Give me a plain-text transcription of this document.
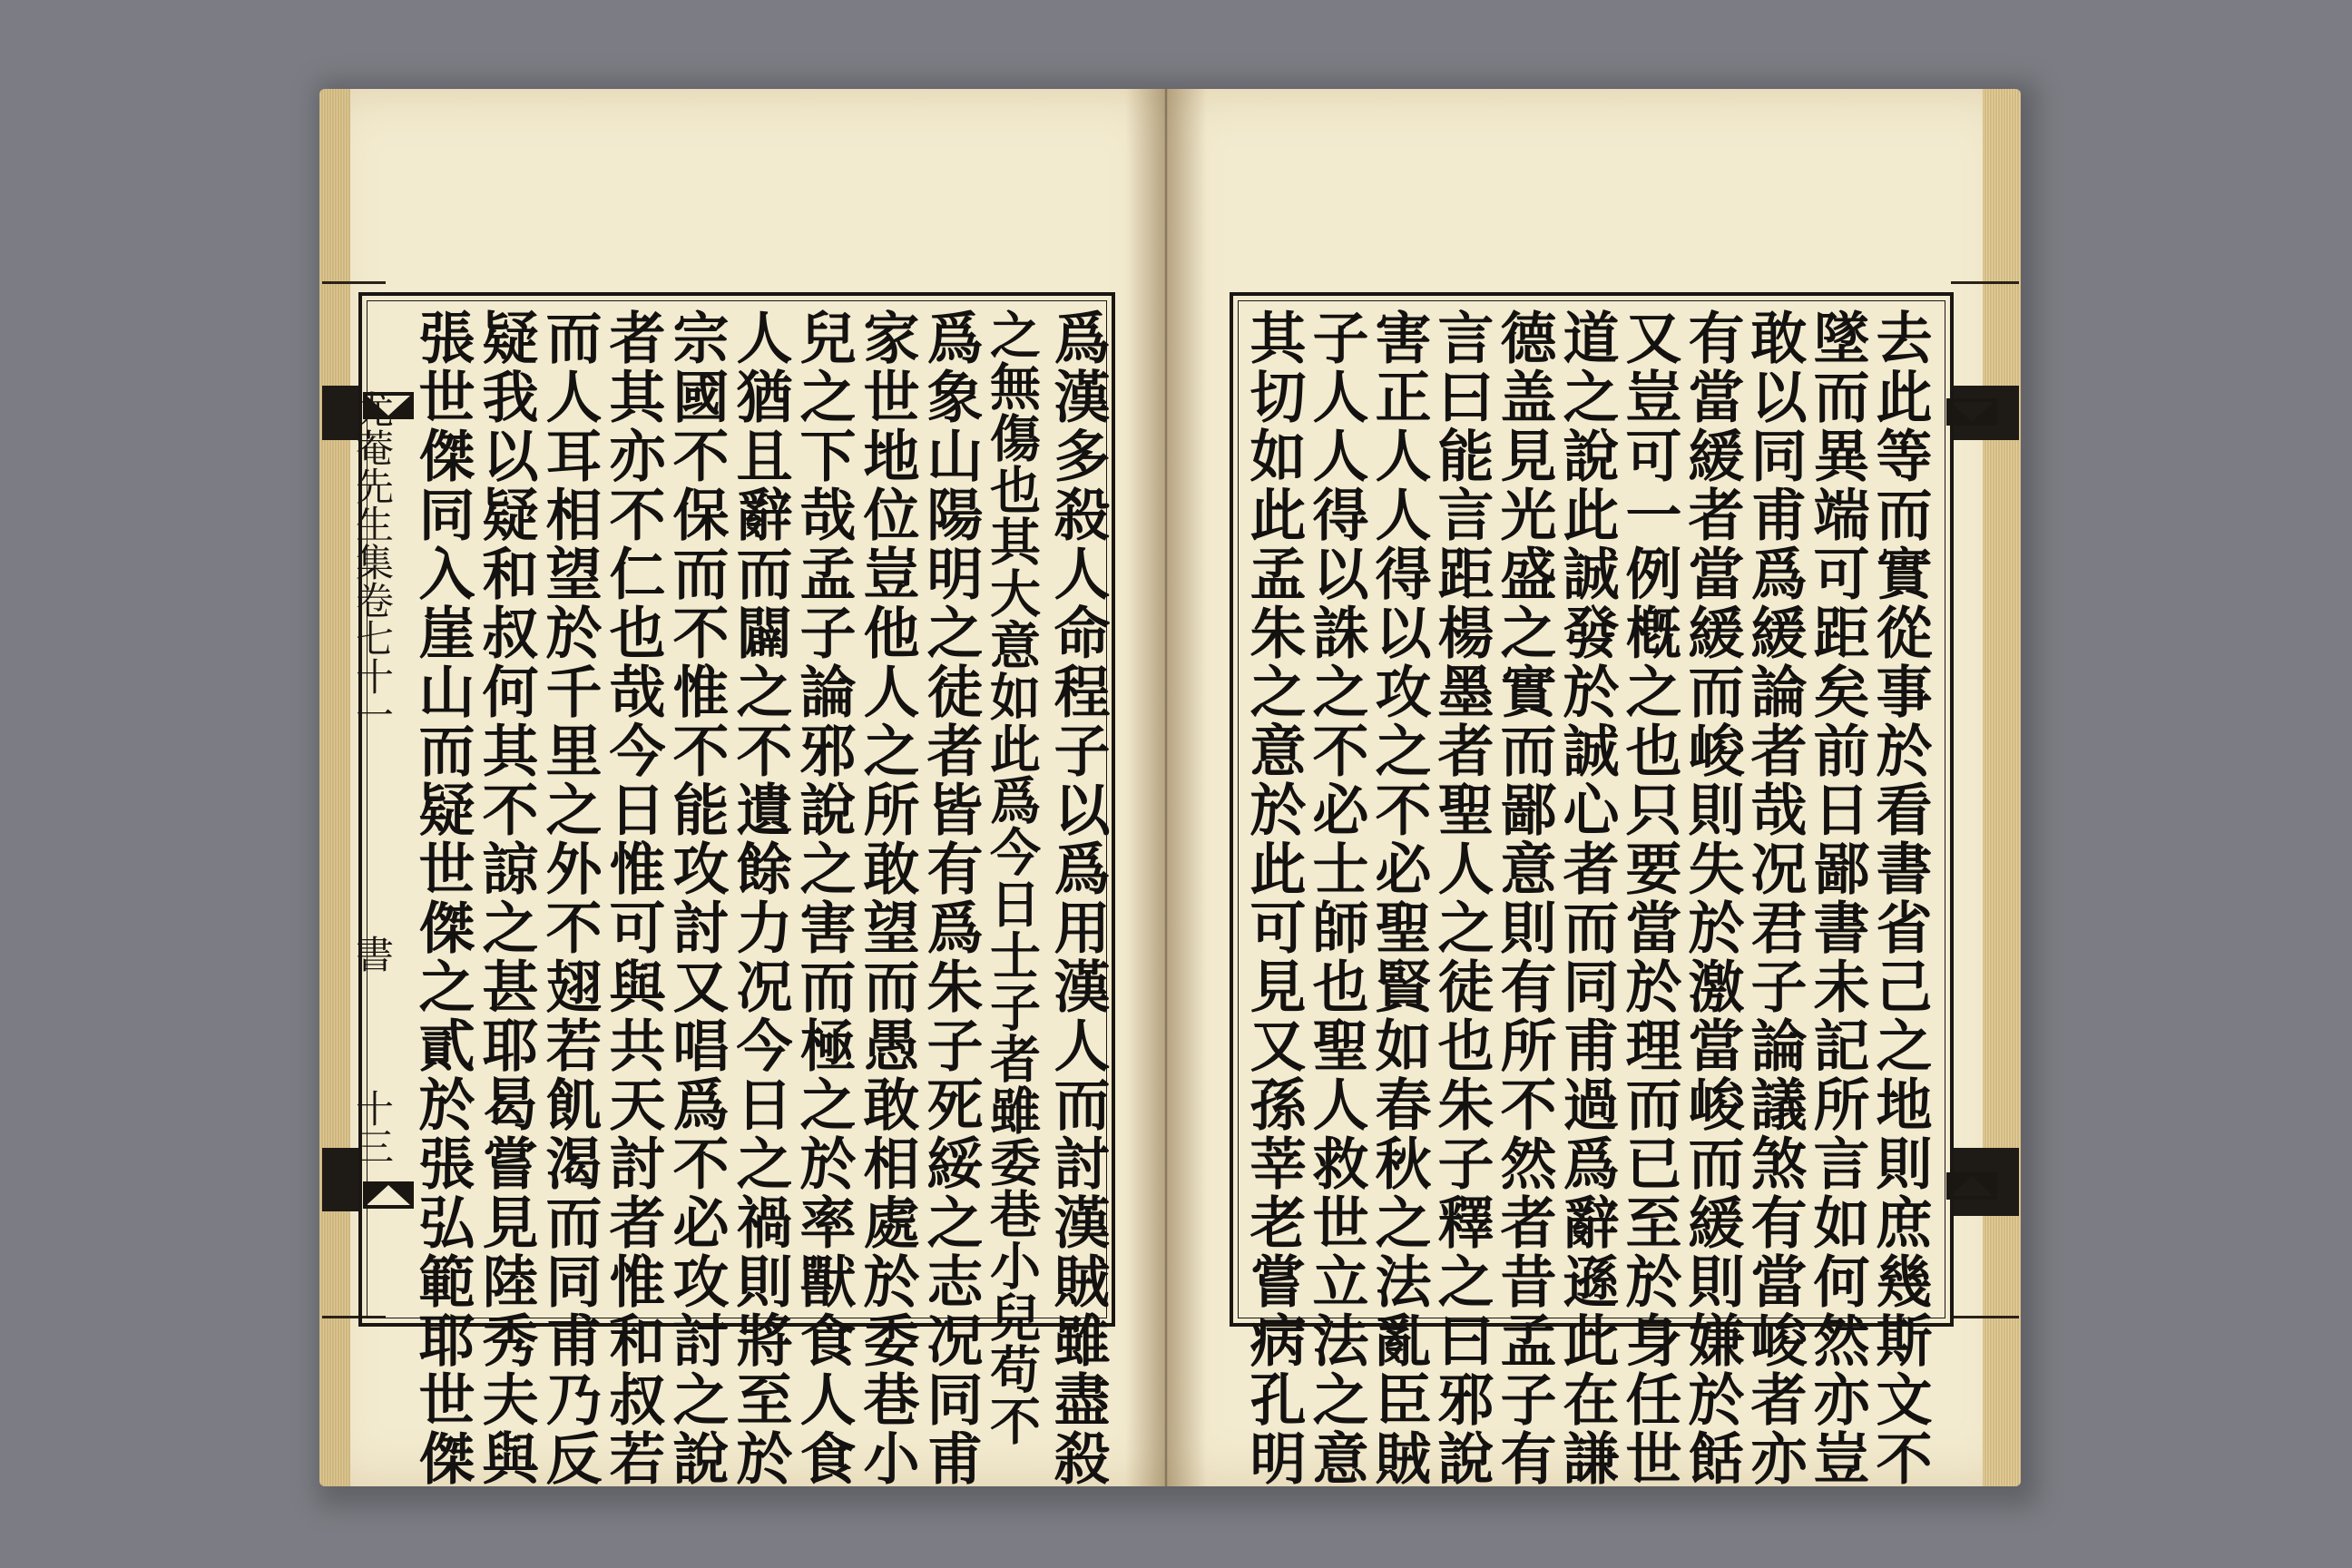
尤菴先生集卷七十一
書
十三 張世傑同入崖山而疑世傑之貳於張弘範耶世傑
疑我以疑和叔何其不諒之甚耶曷嘗見陸秀夫與
而人耳相望於千里之外不翅若飢渴而同甫乃反
者其亦不仁也哉今日惟可與共天討者惟和叔若
宗國不保而不惟不能攻討又唱爲不必攻討之說
人猶且辭而闢之不遺餘力况今日之禍則將至於
兒之下哉孟子論邪說之害而極之於率獸食人食
家世地位豈他人之所敢望而愚敢相處於委巷小
爲象山陽明之徒者皆有爲朱子死綏之志况同甫
之無傷也其大意如此爲今日士子者雖委巷小兒苟不 爲漢多殺人命程子以爲用漢人而討漢賊雖盡殺 其切如此孟朱之意於此可見又孫莘老嘗病孔明
子人人得以誅之不必士師也聖人救世立法之意
害正人人得以攻之不必聖賢如春秋之法亂臣賊
言曰能言距楊墨者聖人之徒也朱子釋之曰邪說
德盖見光盛之實而鄙意則有所不然者昔孟子有
道之說此誠發於誠心者而同甫過爲辭遜此在謙
又豈可一例槪之也只要當於理而已至於身任世
有當緩者當緩而峻則失於激當峻而緩則嫌於餂
敢以同甫爲緩論者哉况君子論議煞有當峻者亦
墜而異端可距矣前日鄙書未記所言如何然亦豈
去此等而實從事於看書省己之地則庶幾斯文不
